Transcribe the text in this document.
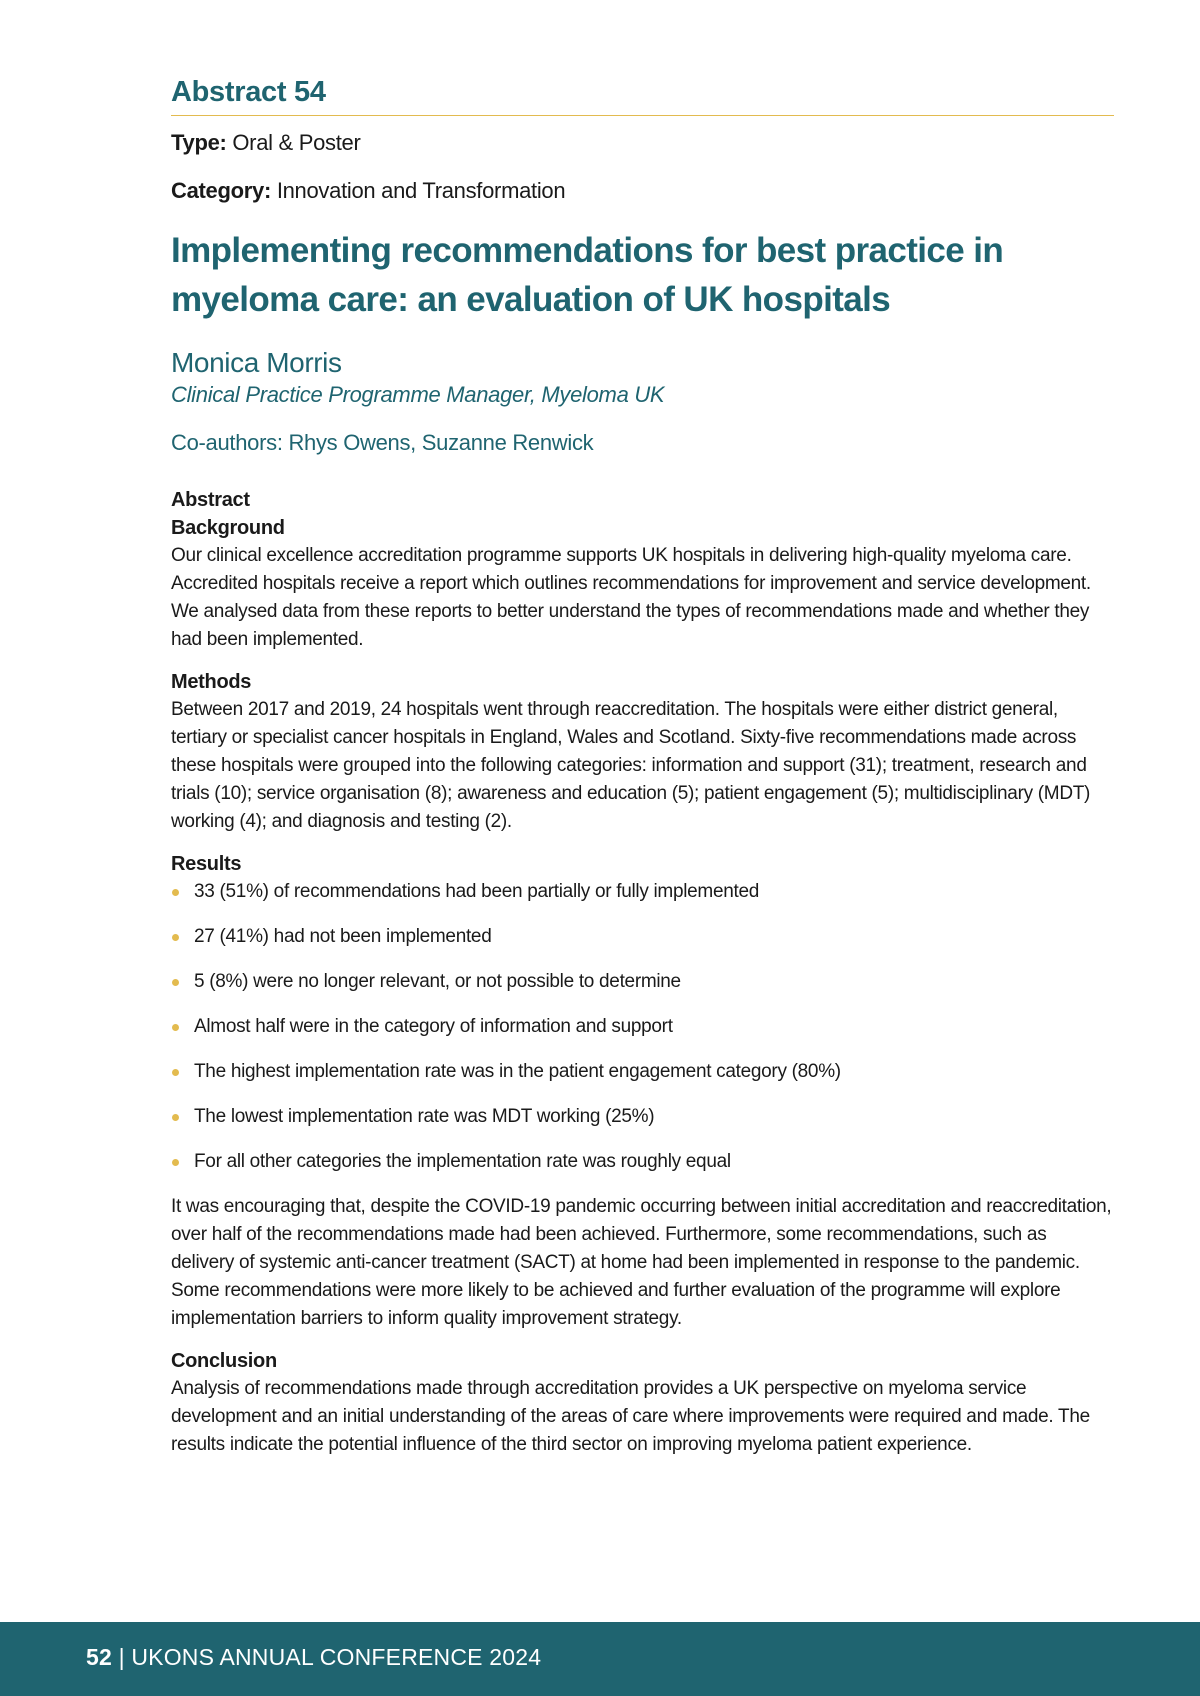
Abstract 54

Type: Oral & Poster

Category: Innovation and Transformation

Implementing recommendations for best practice in
myeloma care: an evaluation of UK hospitals

Monica Morris

Clinical Practice Programme Manager, Myeloma UK

Co-authors: Rhys Owens, Suzanne Renwick

Abstract

Background

Our clinical excellence accreditation programme supports UK hospitals in delivering high-quality myeloma care. Accredited hospitals receive a report which outlines recommendations for improvement and service development. We analysed data from these reports to better understand the types of recommendations made and whether they had been implemented.

Methods

Between 2017 and 2019, 24 hospitals went through reaccreditation. The hospitals were either district general, tertiary or specialist cancer hospitals in England, Wales and Scotland. Sixty-five recommendations made across these hospitals were grouped into the following categories: information and support (31); treatment, research and trials (10); service organisation (8); awareness and education (5); patient engagement (5); multidisciplinary (MDT) working (4); and diagnosis and testing (2).

Results

33 (51%) of recommendations had been partially or fully implemented
27 (41%) had not been implemented
5 (8%) were no longer relevant, or not possible to determine
Almost half were in the category of information and support
The highest implementation rate was in the patient engagement category (80%)
The lowest implementation rate was MDT working (25%)
For all other categories the implementation rate was roughly equal

It was encouraging that, despite the COVID-19 pandemic occurring between initial accreditation and reaccreditation, over half of the recommendations made had been achieved. Furthermore, some recommendations, such as delivery of systemic anti-cancer treatment (SACT) at home had been implemented in response to the pandemic. Some recommendations were more likely to be achieved and further evaluation of the programme will explore implementation barriers to inform quality improvement strategy.

Conclusion

Analysis of recommendations made through accreditation provides a UK perspective on myeloma service development and an initial understanding of the areas of care where improvements were required and made. The results indicate the potential influence of the third sector on improving myeloma patient experience.

52 | UKONS ANNUAL CONFERENCE 2024
